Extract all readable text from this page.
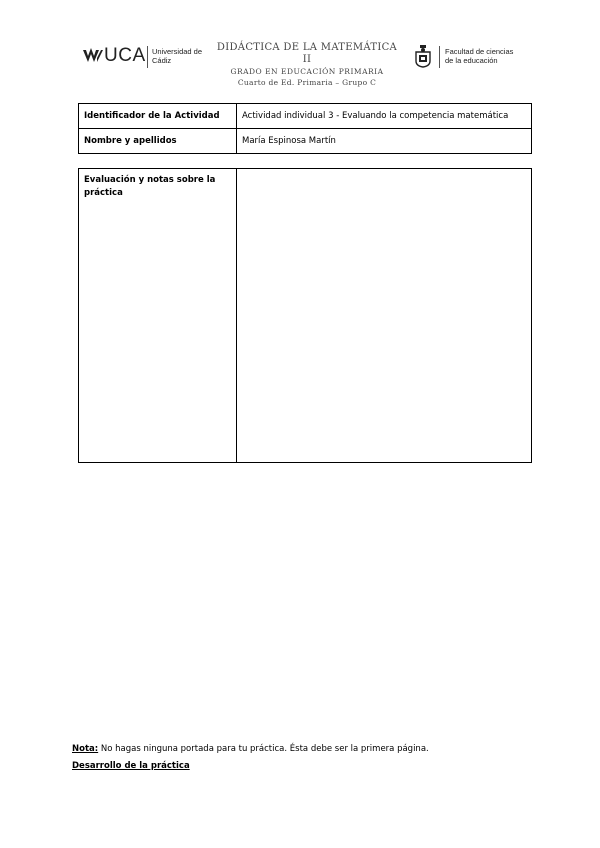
UCA Universidad de
Cádiz
DIDÁCTICA DE LA MATEMÁTICA II
GRADO EN EDUCACIÓN PRIMARIA
Cuarto de Ed. Primaria – Grupo C
Facultad de ciencias
de la educación
Identificador de la Actividad	Actividad individual 3 - Evaluando la competencia matemática
Nombre y apellidos	María Espinosa Martín
Evaluación y notas sobre la práctica	
Nota: No hagas ninguna portada para tu práctica. Ésta debe ser la primera página.
Desarrollo de la práctica
